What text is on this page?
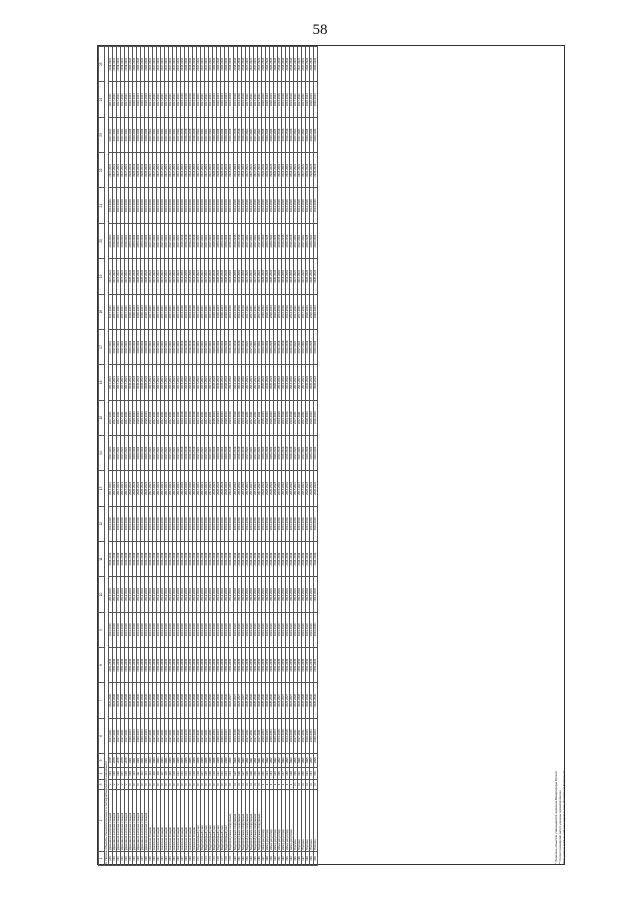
58
1	2	3	4	5	6	7	8	9	10	11	12	13	14	15	16	17	18	19	20	21	22	23	24	25
II. Прочие объекты технологического и эксплуатационного назначения																								
149	Дренажная насосная станция	V	104	1979	2017-2021	2024-2028	2041-2045	2014-2016	2014-2016	2014-2016	2014-2016	2017-2021	2017-2021	2017-2021	2017-2021	2017-2021	2017-2021	2017-2021	2019-2021	2014-2016	2017-2021	2017-2021	2017-2021	2019-2021
150	Дренажная насосная станция	V	105	1979	2017-2021	2024-2028	2041-2045	2014-2016	2014-2016	2014-2016	2014-2016	2017-2021	2017-2021	2017-2021	2017-2021	2017-2021	2017-2021	2017-2021	2019-2021	2014-2016	2017-2021	2017-2021	2017-2021	2019-2021
151	Дренажная насосная станция	V	106	1979	2017-2021	2024-2028	2041-2045	2014-2016	2014-2016	2014-2016	2014-2016	2017-2021	2017-2021	2017-2021	2017-2021	2017-2021	2017-2021	2017-2021	2019-2021	2014-2016	2017-2021	2017-2021	2017-2021	2019-2021
152	Дренажная насосная станция	V	107	1979	2017-2021	2024-2028	2041-2045	2014-2016	2014-2016	2014-2016	2014-2016	2017-2021	2017-2021	2017-2021	2017-2021	2017-2021	2017-2021	2017-2021	2019-2021	2014-2016	2017-2021	2017-2021	2017-2021	2019-2021
153	Дренажная насосная станция	V	108	1979	2017-2021	2024-2028	2041-2045	2014-2016	2014-2016	2014-2016	2014-2016	2017-2021	2017-2021	2017-2021	2017-2021	2017-2021	2017-2021	2017-2021	2019-2021	2014-2016	2017-2021	2017-2021	2017-2021	2019-2021
154	Дренажная насосная станция	IV	109	1981	2020-2024	2026-2030	2041-2045	2014-2016	2014-2016	2014-2016	2014-2016	2020-2024	2020-2024	2020-2024	2020-2024	2020-2024	2020-2024	2020-2024	2020-2024	2014-2016	2020-2024	2020-2024	2020-2024	2020-2024
155	Дренажная насосная станция	IV	110	1981	2020-2024	2026-2030	2041-2045	2014-2016	2014-2016	2014-2016	2014-2016	2020-2024	2020-2024	2020-2024	2020-2024	2020-2024	2020-2024	2020-2024	2020-2024	2014-2016	2020-2024	2020-2024	2020-2024	2020-2024
156	Дренажная насосная станция	IV	111	1981	2020-2024	2026-2030	2041-2045	2014-2016	2014-2016	2014-2016	2014-2016	2020-2024	2020-2024	2020-2024	2020-2024	2020-2024	2020-2024	2020-2024	2020-2024	2014-2016	2020-2024	2020-2024	2020-2024	2020-2024
157	Дренажная насосная станция	IV	112	1981	2020-2024	2026-2030	2041-2045	2014-2016	2014-2016	2014-2016	2014-2016	2020-2024	2020-2024	2020-2024	2020-2024	2020-2024	2020-2024	2020-2024	2020-2024	2014-2016	2020-2024	2020-2024	2020-2024	2020-2024
158	Дренажная насосная станция	IV	113	1981	2020-2024	2026-2030	2041-2045	2014-2016	2014-2016	2014-2016	2014-2016	2020-2024	2020-2024	2020-2024	2020-2024	2020-2024	2020-2024	2020-2024	2020-2024	2014-2016	2020-2024	2020-2024	2020-2024	2020-2024
159	Насосная станция	IV	114	1983	2017-2021	2024-2028	2041-2045	2014-2016	2014-2016	2014-2016	2014-2016	2017-2021	2017-2021	2017-2021	2017-2021	2017-2021	2017-2021	2017-2021	2017-2021	2014-2016	2017-2021	2017-2021	2017-2021	2017-2021
160	Насосная станция	IV	115	1983	2017-2021	2024-2028	2041-2045	2014-2016	2014-2016	2014-2016	2014-2016	2017-2021	2017-2021	2017-2021	2017-2021	2017-2021	2017-2021	2017-2021	2017-2021	2014-2016	2017-2021	2017-2021	2017-2021	2017-2021
161	Насосная станция	IV	116	1983	2017-2021	2024-2028	2041-2045	2014-2016	2014-2016	2014-2016	2014-2016	2017-2021	2017-2021	2017-2021	2017-2021	2017-2021	2017-2021	2017-2021	2017-2021	2014-2016	2017-2021	2017-2021	2017-2021	2017-2021
162	Насосная станция	IV	117	1983	2017-2021	2024-2028	2041-2045	2014-2016	2014-2016	2014-2016	2014-2016	2017-2021	2017-2021	2017-2021	2017-2021	2017-2021	2017-2021	2017-2021	2017-2021	2014-2016	2017-2021	2017-2021	2017-2021	2017-2021
163	Насосная станция	IV	118	1984	2017-2021	2024-2028	2041-2045	2014-2016	2014-2016	2014-2016	2014-2016	2017-2021	2017-2021	2017-2021	2017-2021	2017-2021	2017-2021	2017-2021	2017-2021	2014-2016	2017-2021	2017-2021	2017-2021	2017-2021
164	Насосная станция	IV	119	1984	2017-2021	2024-2028	2041-2045	2014-2016	2014-2016	2014-2016	2014-2016	2017-2021	2017-2021	2017-2021	2017-2021	2017-2021	2017-2021	2017-2021	2017-2021	2014-2016	2017-2021	2017-2021	2017-2021	2017-2021
165	Насосная станция	IV	120	1984	2017-2021	2024-2028	2041-2045	2014-2016	2014-2016	2014-2016	2014-2016	2017-2021	2017-2021	2017-2021	2017-2021	2017-2021	2017-2021	2017-2021	2017-2021	2014-2016	2017-2021	2017-2021	2017-2021	2017-2021
166	Насосная станция	IV	121	1984	2017-2021	2024-2028	2041-2045	2014-2016	2014-2016	2014-2016	2014-2016	2017-2021	2017-2021	2017-2021	2017-2021	2017-2021	2017-2021	2017-2021	2017-2021	2014-2016	2017-2021	2017-2021	2017-2021	2017-2021
167	Насосная станция	IV	122	1985	2014-2016	2024-2028	2041-2045	2014-2016	2014-2016	2014-2016	2014-2016	2014-2016	2014-2016	2014-2016	2014-2016	2014-2016	2014-2016	2014-2016	2014-2016	2014-2016	2014-2016	2014-2016	2014-2016	2014-2016
168	Насосная станция	IV	123	1985	2014-2016	2024-2028	2041-2045	2014-2016	2014-2016	2014-2016	2014-2016	2014-2016	2014-2016	2014-2016	2014-2016	2014-2016	2014-2016	2014-2016	2014-2016	2014-2016	2014-2016	2014-2016	2014-2016	2014-2016
169	Насосная станция	IV	124	1985	2014-2016	2024-2028	2041-2045	2014-2016	2014-2016	2014-2016	2014-2016	2014-2016	2014-2016	2014-2016	2014-2016	2014-2016	2014-2016	2014-2016	2014-2016	2014-2016	2014-2016	2014-2016	2014-2016	2014-2016
170	Насосная станция	IV	125	1985	2014-2016	2024-2028	2041-2045	2014-2016	2014-2016	2014-2016	2014-2016	2014-2016	2014-2016	2014-2016	2014-2016	2014-2016	2014-2016	2014-2016	2014-2016	2014-2016	2014-2016	2014-2016	2014-2016	2014-2016
171	Водозаборный узел	IV	126	1988	2017-2021	2024-2028	2041-2045	2014-2016	2014-2016	2014-2016	2014-2016	2017-2021	2017-2021	2017-2021	2017-2021	2017-2021	2017-2021	2017-2021	2017-2021	2014-2016	2017-2021	2017-2021	2017-2021	2017-2021
172	Водозаборный узел	IV	127	1988	2017-2021	2024-2028	2041-2045	2014-2016	2014-2016	2014-2016	2014-2016	2017-2021	2017-2021	2017-2021	2017-2021	2017-2021	2017-2021	2017-2021	2017-2021	2014-2016	2017-2021	2017-2021	2017-2021	2017-2021
173	Водозаборный узел	IV	128	1988	2017-2021	2024-2028	2041-2045	2014-2016	2014-2016	2014-2016	2014-2016	2017-2021	2017-2021	2017-2021	2017-2021	2017-2021	2017-2021	2017-2021	2017-2021	2014-2016	2017-2021	2017-2021	2017-2021	2017-2021
174	Водозаборный узел	IV	129	1988	2017-2021	2024-2028	2041-2045	2014-2016	2014-2016	2014-2016	2014-2016	2017-2021	2017-2021	2017-2021	2017-2021	2017-2021	2017-2021	2017-2021	2017-2021	2014-2016	2017-2021	2017-2021	2017-2021	2017-2021
175	Водозаборный узел	IV	130	1989	2020-2024	2026-2030	2041-2045	2014-2016	2014-2016	2014-2016	2014-2016	2020-2024	2020-2024	2020-2024	2020-2024	2020-2024	2020-2024	2020-2024	2020-2024	2014-2016	2020-2024	2020-2024	2020-2024	2020-2024
176	Водозаборный узел	IV	131	1989	2020-2024	2026-2030	2041-2045	2014-2016	2014-2016	2014-2016	2014-2016	2020-2024	2020-2024	2020-2024	2020-2024	2020-2024	2020-2024	2020-2024	2020-2024	2014-2016	2020-2024	2020-2024	2020-2024	2020-2024
177	Водозаборный узел	IV	132	1989	2020-2024	2026-2030	2041-2045	2014-2016	2014-2016	2014-2016	2014-2016	2020-2024	2020-2024	2020-2024	2020-2024	2020-2024	2020-2024	2020-2024	2020-2024	2014-2016	2020-2024	2020-2024	2020-2024	2020-2024
178	Водозаборный узел	IV	133	1989	2020-2024	2026-2030	2041-2045	2014-2016	2014-2016	2014-2016	2014-2016	2020-2024	2020-2024	2020-2024	2020-2024	2020-2024	2020-2024	2020-2024	2020-2024	2014-2016	2020-2024	2020-2024	2020-2024	2020-2024
179	Водопропускное сооружение	III	134	1990	2014-2016	2023-2027	2041-2045	2014-2016	2014-2016	2014-2016	2014-2016	2014-2016	2014-2016	2014-2016	2014-2016	2014-2016	2014-2016	2014-2016	2014-2016	2014-2016	2014-2016	2014-2016	2014-2016	2014-2016
180	Водопропускное сооружение	III	135	1990	2014-2016	2023-2027	2041-2045	2014-2016	2014-2016	2014-2016	2014-2016	2014-2016	2014-2016	2014-2016	2014-2016	2014-2016	2014-2016	2014-2016	2014-2016	2014-2016	2014-2016	2014-2016	2014-2016	2014-2016
181	Водопропускное сооружение	III	136	1990	2014-2016	2023-2027	2041-2045	2014-2016	2014-2016	2014-2016	2014-2016	2014-2016	2014-2016	2014-2016	2014-2016	2014-2016	2014-2016	2014-2016	2014-2016	2014-2016	2014-2016	2014-2016	2014-2016	2014-2016
182	Водопропускное сооружение	III	137	1990	2014-2016	2023-2027	2041-2045	2014-2016	2014-2016	2014-2016	2014-2016	2014-2016	2014-2016	2014-2016	2014-2016	2014-2016	2014-2016	2014-2016	2014-2016	2014-2016	2014-2016	2014-2016	2014-2016	2014-2016
183	Водопропускное сооружение	III	138	1991	2017-2021	2026-2030	2041-2045	2014-2016	2014-2016	2014-2016	2014-2016	2017-2021	2017-2021	2017-2021	2017-2021	2017-2021	2017-2021	2017-2021	2017-2021	2014-2016	2017-2021	2017-2021	2017-2021	2017-2021
184	Водопропускное сооружение	III	139	1991	2017-2021	2026-2030	2041-2045	2014-2016	2014-2016	2014-2016	2014-2016	2017-2021	2017-2021	2017-2021	2017-2021	2017-2021	2017-2021	2017-2021	2017-2021	2014-2016	2017-2021	2017-2021	2017-2021	2017-2021
185	Водопропускное сооружение	III	140	1991	2017-2021	2026-2030	2041-2045	2014-2016	2014-2016	2014-2016	2014-2016	2017-2021	2017-2021	2017-2021	2017-2021	2017-2021	2017-2021	2017-2021	2017-2021	2014-2016	2017-2021	2017-2021	2017-2021	2017-2021
186	Водопропускное сооружение	III	141	1991	2017-2021	2026-2030	2041-2045	2014-2016	2014-2016	2014-2016	2014-2016	2017-2021	2017-2021	2017-2021	2017-2021	2017-2021	2017-2021	2017-2021	2017-2021	2014-2016	2017-2021	2017-2021	2017-2021	2017-2021
187	Шлюз-регулятор	II	142	1992	2020-2024	2026-2030	2041-2045	2014-2016	2014-2016	2014-2016	2014-2016	2020-2024	2020-2024	2020-2024	2020-2024	2020-2024	2020-2024	2020-2024	2020-2024	2014-2016	2020-2024	2020-2024	2020-2024	2020-2024
188	Шлюз-регулятор	II	143	1992	2020-2024	2026-2030	2041-2045	2014-2016	2014-2016	2014-2016	2014-2016	2020-2024	2020-2024	2020-2024	2020-2024	2020-2024	2020-2024	2020-2024	2020-2024	2014-2016	2020-2024	2020-2024	2020-2024	2020-2024
189	Шлюз-регулятор	II	144	1992	2020-2024	2026-2030	2041-2045	2014-2016	2014-2016	2014-2016	2014-2016	2020-2024	2020-2024	2020-2024	2020-2024	2020-2024	2020-2024	2020-2024	2020-2024	2014-2016	2020-2024	2020-2024	2020-2024	2020-2024
190	Шлюз-регулятор	II	145	1992	2020-2024	2026-2030	2041-2045	2014-2016	2014-2016	2014-2016	2014-2016	2020-2024	2020-2024	2020-2024	2020-2024	2020-2024	2020-2024	2020-2024	2020-2024	2014-2016	2020-2024	2020-2024	2020-2024	2020-2024
191	Шлюз-регулятор	II	146	1993	2014-2016	2023-2027	2041-2045	2014-2016	2014-2016	2014-2016	2014-2016	2014-2016	2014-2016	2014-2016	2014-2016	2014-2016	2014-2016	2014-2016	2014-2016	2014-2016	2014-2016	2014-2016	2014-2016	2014-2016
192	Шлюз-регулятор	II	147	1993	2014-2016	2023-2027	2041-2045	2014-2016	2014-2016	2014-2016	2014-2016	2014-2016	2014-2016	2014-2016	2014-2016	2014-2016	2014-2016	2014-2016	2014-2016	2014-2016	2014-2016	2014-2016	2014-2016	2014-2016
193	Шлюз-регулятор	II	148	1993	2014-2016	2023-2027	2041-2045	2014-2016	2014-2016	2014-2016	2014-2016	2014-2016	2014-2016	2014-2016	2014-2016	2014-2016	2014-2016	2014-2016	2014-2016	2014-2016	2014-2016	2014-2016	2014-2016	2014-2016
194	Шлюз-регулятор	II	149	1993	2014-2016	2023-2027	2041-2045	2014-2016	2014-2016	2014-2016	2014-2016	2014-2016	2014-2016	2014-2016	2014-2016	2014-2016	2014-2016	2014-2016	2014-2016	2014-2016	2014-2016	2014-2016	2014-2016	2014-2016
195	Плотина	III	150	1994	2017-2021	2024-2028	2041-2045	2014-2016	2014-2016	2014-2016	2014-2016	2017-2021	2017-2021	2017-2021	2017-2021	2017-2021	2017-2021	2017-2021	2017-2021	2014-2016	2017-2021	2017-2021	2017-2021	2017-2021
196	Плотина	III	151	1994	2017-2021	2024-2028	2041-2045	2014-2016	2014-2016	2014-2016	2014-2016	2017-2021	2017-2021	2017-2021	2017-2021	2017-2021	2017-2021	2017-2021	2017-2021	2014-2016	2017-2021	2017-2021	2017-2021	2017-2021
197	Плотина	III	152	1994	2017-2021	2024-2028	2041-2045	2014-2016	2014-2016	2014-2016	2014-2016	2017-2021	2017-2021	2017-2021	2017-2021	2017-2021	2017-2021	2017-2021	2017-2021	2014-2016	2017-2021	2017-2021	2017-2021	2017-2021
198	Плотина	III	153	1995	2020-2024	2026-2030	2041-2045	2014-2016	2014-2016	2014-2016	2014-2016	2020-2024	2020-2024	2020-2024	2020-2024	2020-2024	2020-2024	2020-2024	2020-2024	2014-2016	2020-2024	2020-2024	2020-2024	2020-2024
199	Плотина	III	154	1995	2020-2024	2026-2030	2041-2045	2014-2016	2014-2016	2014-2016	2014-2016	2020-2024	2020-2024	2020-2024	2020-2024	2020-2024	2020-2024	2020-2024	2020-2024	2014-2016	2020-2024	2020-2024	2020-2024	2020-2024
200	Плотина	III	155	1995	2020-2024	2026-2030	2041-2045	2014-2016	2014-2016	2014-2016	2014-2016	2020-2024	2020-2024	2020-2024	2020-2024	2020-2024	2020-2024	2020-2024	2020-2024	2014-2016	2020-2024	2020-2024	2020-2024	2020-2024
* Перечень объектов утверждается приказом Минприроды России ** Сроки проведения работ указаны ориентировочно *** С учетом требований законодательства Российской Федерации
